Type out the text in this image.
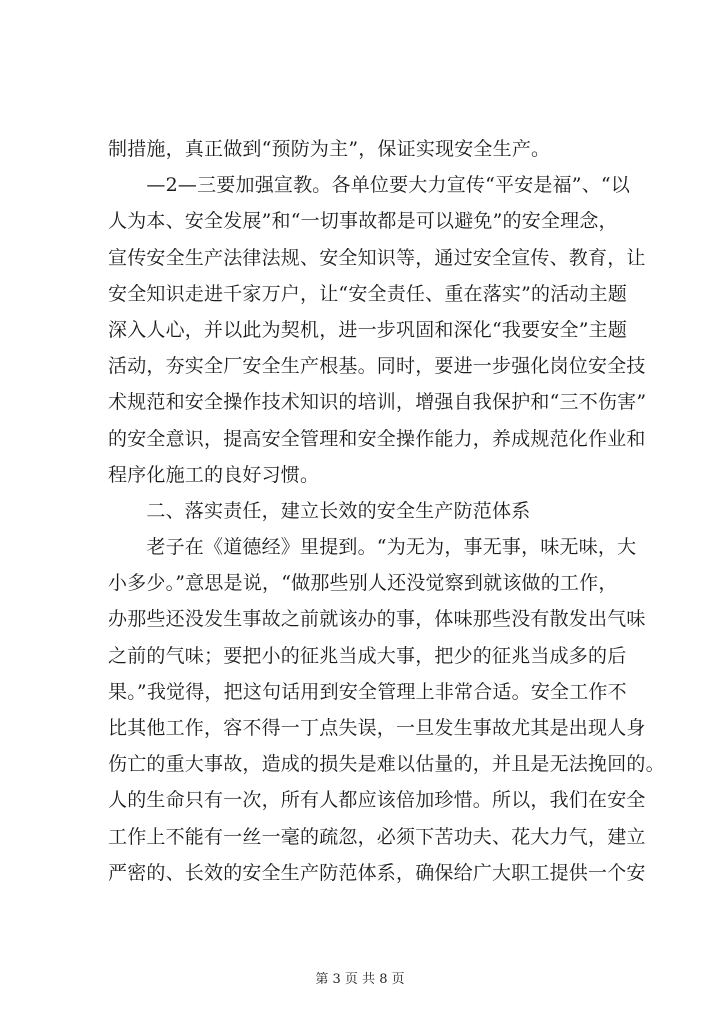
制措施，真正做到“预防为主”，保证实现安全生产。
　　—2—三要加强宣教。各单位要大力宣传“平安是福”、“以
人为本、安全发展”和“一切事故都是可以避免”的安全理念，
宣传安全生产法律法规、安全知识等，通过安全宣传、教育，让
安全知识走进千家万户，让“安全责任、重在落实”的活动主题
深入人心，并以此为契机，进一步巩固和深化“我要安全”主题
活动，夯实全厂安全生产根基。同时，要进一步强化岗位安全技
术规范和安全操作技术知识的培训，增强自我保护和“三不伤害”
的安全意识，提高安全管理和安全操作能力，养成规范化作业和
程序化施工的良好习惯。
　　二、落实责任，建立长效的安全生产防范体系
　　老子在《道德经》里提到。“为无为，事无事，味无味，大
小多少。”意思是说，“做那些别人还没觉察到就该做的工作，
办那些还没发生事故之前就该办的事，体味那些没有散发出气味
之前的气味；要把小的征兆当成大事，把少的征兆当成多的后
果。”我觉得，把这句话用到安全管理上非常合适。安全工作不
比其他工作，容不得一丁点失误，一旦发生事故尤其是出现人身
伤亡的重大事故，造成的损失是难以估量的，并且是无法挽回的。
人的生命只有一次，所有人都应该倍加珍惜。所以，我们在安全
工作上不能有一丝一毫的疏忽，必须下苦功夫、花大力气，建立
严密的、长效的安全生产防范体系，确保给广大职工提供一个安
第 3 页 共 8 页
